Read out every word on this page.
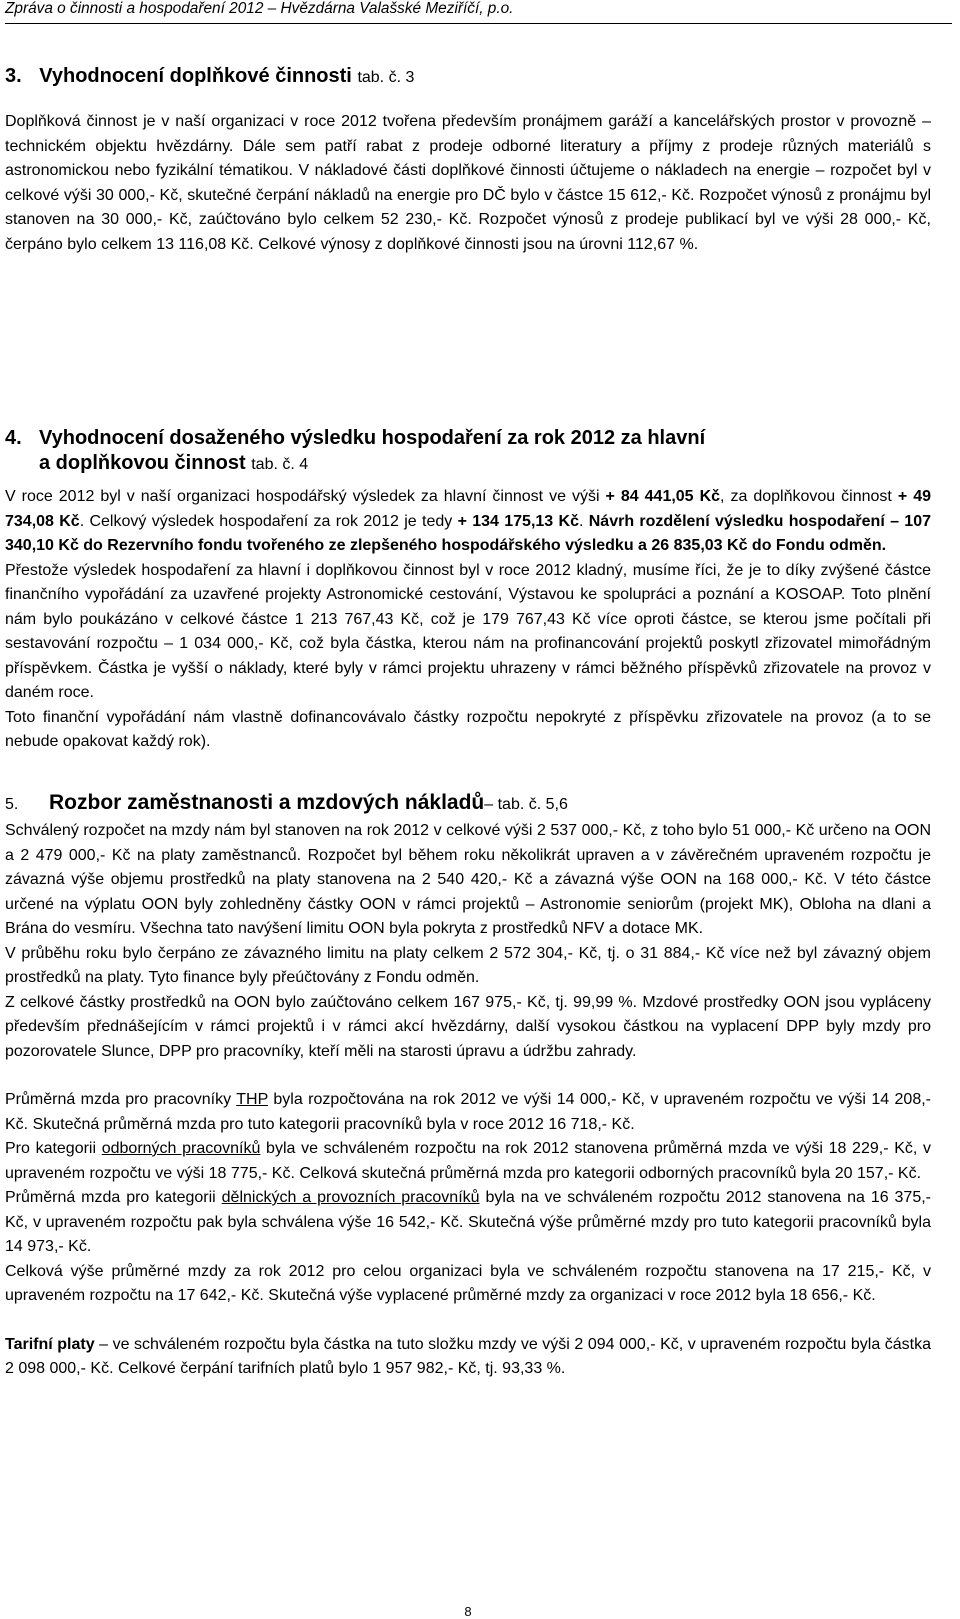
Zpráva o činnosti a hospodaření 2012 – Hvězdárna Valašské Meziříčí, p.o.
3. Vyhodnocení doplňkové činnosti tab. č. 3

Doplňková činnost je v naší organizaci v roce 2012 tvořena především pronájmem garáží a kancelářských prostor v provozně – technickém objektu hvězdárny. Dále sem patří rabat z prodeje odborné literatury a příjmy z prodeje různých materiálů s astronomickou nebo fyzikální tématikou. V nákladové části doplňkové činnosti účtujeme o nákladech na energie – rozpočet byl v celkové výši 30 000,- Kč, skutečné čerpání nákladů na energie pro DČ bylo v částce 15 612,- Kč. Rozpočet výnosů z pronájmu byl stanoven na 30 000,- Kč, zaúčtováno bylo celkem 52 230,- Kč. Rozpočet výnosů z prodeje publikací byl ve výši 28 000,- Kč, čerpáno bylo celkem 13 116,08 Kč. Celkové výnosy z doplňkové činnosti jsou na úrovni 112,67 %.

4. Vyhodnocení dosaženého výsledku hospodaření za rok 2012 za hlavní
a doplňkovou činnost tab. č. 4

V roce 2012 byl v naší organizaci hospodářský výsledek za hlavní činnost ve výši + 84 441,05 Kč, za doplňkovou činnost + 49 734,08 Kč. Celkový výsledek hospodaření za rok 2012 je tedy + 134 175,13 Kč. Návrh rozdělení výsledku hospodaření – 107 340,10 Kč do Rezervního fondu tvořeného ze zlepšeného hospodářského výsledku a 26 835,03 Kč do Fondu odměn.

Přestože výsledek hospodaření za hlavní i doplňkovou činnost byl v roce 2012 kladný, musíme říci, že je to díky zvýšené částce finančního vypořádání za uzavřené projekty Astronomické cestování, Výstavou ke spolupráci a poznání a KOSOAP. Toto plnění nám bylo poukázáno v celkové částce 1 213 767,43 Kč, což je 179 767,43 Kč více oproti částce, se kterou jsme počítali při sestavování rozpočtu – 1 034 000,- Kč, což byla částka, kterou nám na profinancování projektů poskytl zřizovatel mimořádným příspěvkem. Částka je vyšší o náklady, které byly v rámci projektu uhrazeny v rámci běžného příspěvků zřizovatele na provoz v daném roce.

Toto finanční vypořádání nám vlastně dofinancovávalo částky rozpočtu nepokryté z příspěvku zřizovatele na provoz (a to se nebude opakovat každý rok).

5.	Rozbor zaměstnanosti a mzdových nákladů – tab. č. 5,6

Schválený rozpočet na mzdy nám byl stanoven na rok 2012 v celkové výši 2 537 000,- Kč, z toho bylo 51 000,- Kč určeno na OON a 2 479 000,- Kč na platy zaměstnanců. Rozpočet byl během roku několikrát upraven a v závěrečném upraveném rozpočtu je závazná výše objemu prostředků na platy stanovena na 2 540 420,- Kč a závazná výše OON na 168 000,- Kč. V této částce určené na výplatu OON byly zohledněny částky OON v rámci projektů – Astronomie seniorům (projekt MK), Obloha na dlani a Brána do vesmíru. Všechna tato navýšení limitu OON byla pokryta z prostředků NFV a dotace MK.

V průběhu roku bylo čerpáno ze závazného limitu na platy celkem 2 572 304,- Kč, tj. o 31 884,- Kč více než byl závazný objem prostředků na platy. Tyto finance byly přeúčtovány z Fondu odměn.

Z celkové částky prostředků na OON bylo zaúčtováno celkem 167 975,- Kč, tj. 99,99 %. Mzdové prostředky OON jsou vypláceny především přednášejícím v rámci projektů i v rámci akcí hvězdárny, další vysokou částkou na vyplacení DPP byly mzdy pro pozorovatele Slunce, DPP pro pracovníky, kteří měli na starosti úpravu a údržbu zahrady.

Průměrná mzda pro pracovníky THP byla rozpočtována na rok 2012 ve výši 14 000,- Kč, v upraveném rozpočtu ve výši 14 208,- Kč. Skutečná průměrná mzda pro tuto kategorii pracovníků byla v roce 2012 16 718,- Kč.

Pro kategorii odborných pracovníků byla ve schváleném rozpočtu na rok 2012 stanovena průměrná mzda ve výši 18 229,- Kč, v upraveném rozpočtu ve výši 18 775,- Kč. Celková skutečná průměrná mzda pro kategorii odborných pracovníků byla 20 157,- Kč.

Průměrná mzda pro kategorii dělnických a provozních pracovníků byla na ve schváleném rozpočtu 2012 stanovena na 16 375,- Kč, v upraveném rozpočtu pak byla schválena výše 16 542,- Kč. Skutečná výše průměrné mzdy pro tuto kategorii pracovníků byla 14 973,- Kč.

Celková výše průměrné mzdy za rok 2012 pro celou organizaci byla ve schváleném rozpočtu stanovena na 17 215,- Kč, v upraveném rozpočtu na 17 642,- Kč. Skutečná výše vyplacené průměrné mzdy za organizaci v roce 2012 byla 18 656,- Kč.

Tarifní platy – ve schváleném rozpočtu byla částka na tuto složku mzdy ve výši 2 094 000,- Kč, v upraveném rozpočtu byla částka 2 098 000,- Kč. Celkové čerpání tarifních platů bylo 1 957 982,- Kč, tj. 93,33 %.

8
